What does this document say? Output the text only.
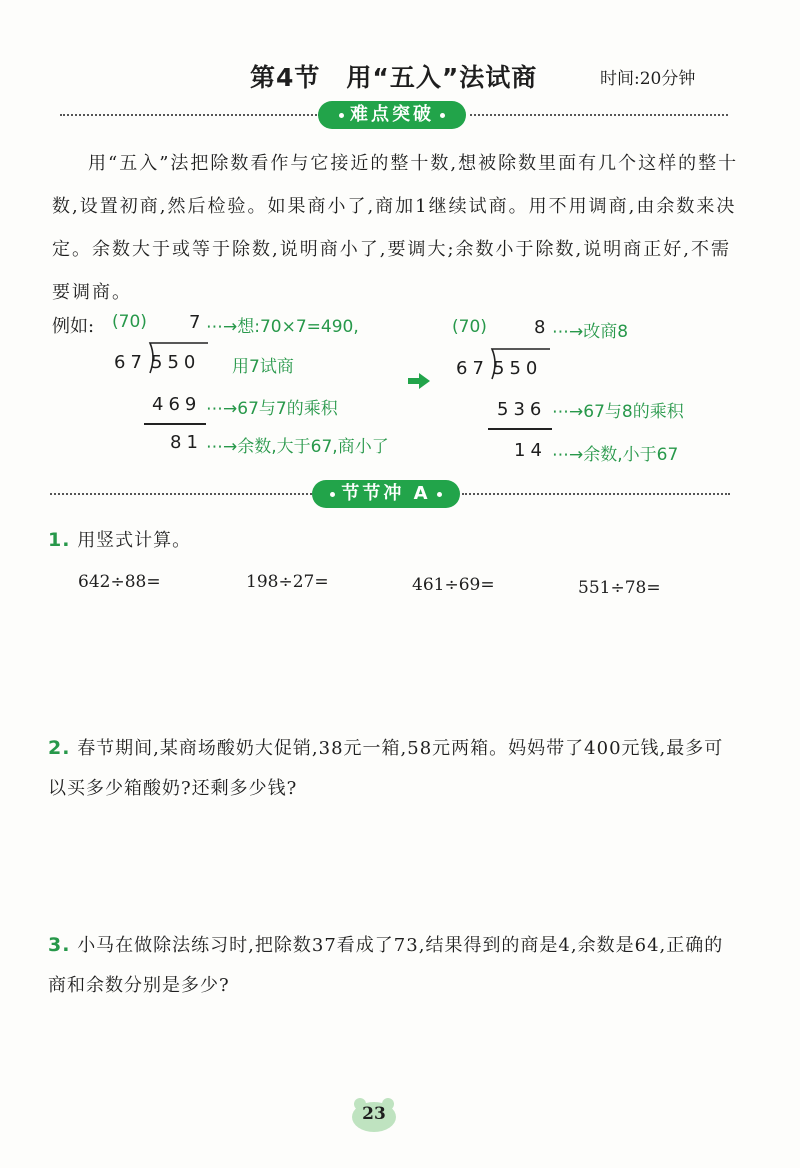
第4节 用“五入”法试商	时间:20分钟
难点突破
用“五入”法把除数看作与它接近的整十数,想被除数里面有几个这样的整十数,设置初商,然后检验。如果商小了,商加1继续试商。用不用调商,由余数来决定。余数大于或等于除数,说明商小了,要调大;余数小于除数,说明商正好,不需要调商。
例如: (70) 7 ⋯→想:70×7=490,
67 550 用7试商
469 ⋯→67与7的乘积
81 ⋯→余数,大于67,商小了
(70)	8 ⋯→改商8
67 550
536 ⋯→67与8的乘积
14 ⋯→余数,小于67
节节冲 A
1. 用竖式计算。
642÷88=	198÷27=	461÷69=	551÷78=
2. 春节期间,某商场酸奶大促销,38元一箱,58元两箱。妈妈带了400元钱,最多可以买多少箱酸奶?还剩多少钱?
3. 小马在做除法练习时,把除数37看成了73,结果得到的商是4,余数是64,正确的商和余数分别是多少?
23
